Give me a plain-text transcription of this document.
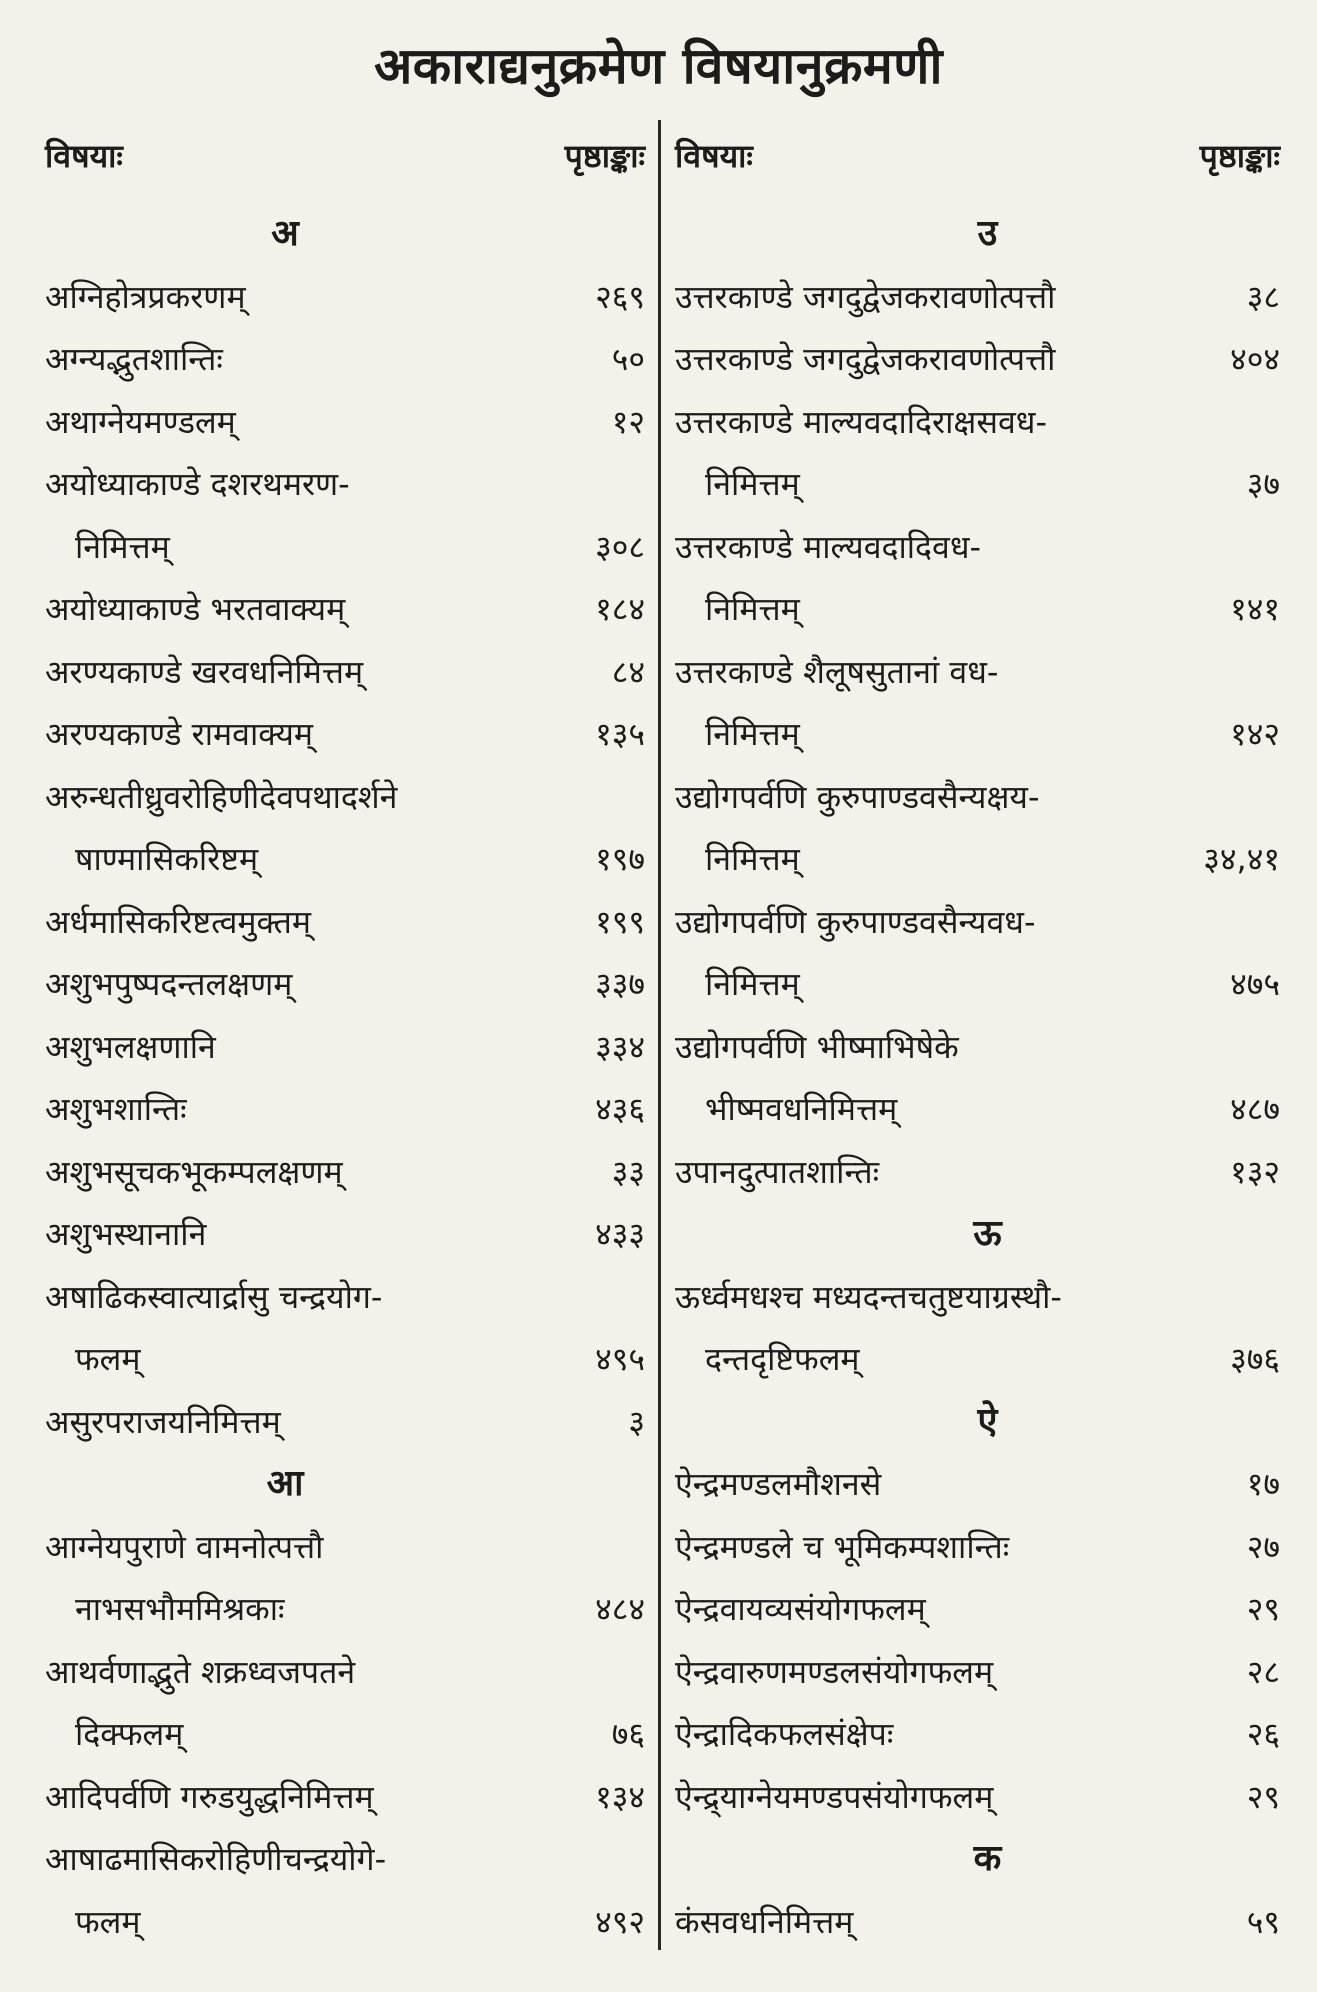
अकाराद्यनुक्रमेण विषयानुक्रमणी
विषयाः	पृष्ठाङ्काः
अ
अग्निहोत्रप्रकरणम्	२६९
अग्न्यद्भुतशान्तिः	५०
अथाग्नेयमण्डलम्	१२
अयोध्याकाण्डे दशरथमरण-
निमित्तम्	३०८
अयोध्याकाण्डे भरतवाक्यम्	१८४
अरण्यकाण्डे खरवधनिमित्तम्	८४
अरण्यकाण्डे रामवाक्यम्	१३५
अरुन्धतीध्रुवरोहिणीदेवपथादर्शने
षाण्मासिकरिष्टम्	१९७
अर्धमासिकरिष्टत्वमुक्तम्	१९९
अशुभपुष्पदन्तलक्षणम्	३३७
अशुभलक्षणानि	३३४
अशुभशान्तिः	४३६
अशुभसूचकभूकम्पलक्षणम्	३३
अशुभस्थानानि	४३३
अषाढिकस्वात्यार्द्रासु चन्द्रयोग-
फलम्	४९५
असुरपराजयनिमित्तम्	३
आ
आग्नेयपुराणे वामनोत्पत्तौ
नाभसभौममिश्रकाः	४८४
आथर्वणाद्भुते शक्रध्वजपतने
दिक्फलम्	७६
आदिपर्वणि गरुडयुद्धनिमित्तम्	१३४
आषाढमासिकरोहिणीचन्द्रयोगे-
फलम्	४९२
विषयाः	पृष्ठाङ्काः
उ
उत्तरकाण्डे जगदुद्वेजकरावणोत्पत्तौ	३८
उत्तरकाण्डे जगदुद्वेजकरावणोत्पत्तौ	४०४
उत्तरकाण्डे माल्यवदादिराक्षसवध-
निमित्तम्	३७
उत्तरकाण्डे माल्यवदादिवध-
निमित्तम्	१४१
उत्तरकाण्डे शैलूषसुतानां वध-
निमित्तम्	१४२
उद्योगपर्वणि कुरुपाण्डवसैन्यक्षय-
निमित्तम्	३४,४१
उद्योगपर्वणि कुरुपाण्डवसैन्यवध-
निमित्तम्	४७५
उद्योगपर्वणि भीष्माभिषेके
भीष्मवधनिमित्तम्	४८७
उपानदुत्पातशान्तिः	१३२
ऊ
ऊर्ध्वमधश्च मध्यदन्तचतुष्टयाग्रस्थौ-
दन्तदृष्टिफलम्	३७६
ऐ
ऐन्द्रमण्डलमौशनसे	१७
ऐन्द्रमण्डले च भूमिकम्पशान्तिः	२७
ऐन्द्रवायव्यसंयोगफलम्	२९
ऐन्द्रवारुणमण्डलसंयोगफलम्	२८
ऐन्द्रादिकफलसंक्षेपः	२६
ऐन्द्र्याग्नेयमण्डपसंयोगफलम्	२९
क
कंसवधनिमित्तम्	५९
